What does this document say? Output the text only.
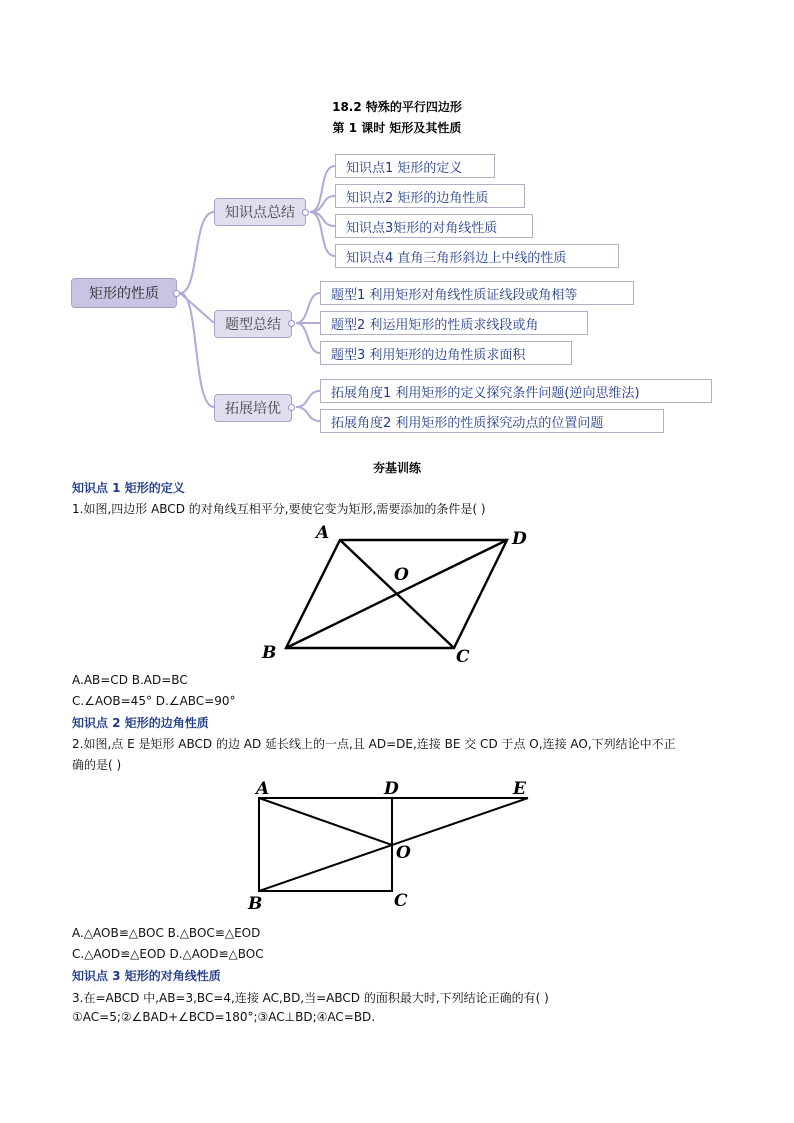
18.2 特殊的平行四边形
第 1 课时 矩形及其性质
矩形的性质
知识点总结
知识点1 矩形的定义
知识点2 矩形的边角性质
知识点3矩形的对角线性质
知识点4 直角三角形斜边上中线的性质
题型总结
题型1 利用矩形对角线性质证线段或角相等
题型2 利运用矩形的性质求线段或角
题型3 利用矩形的边角性质求面积
拓展培优
拓展角度1 利用矩形的定义探究条件问题(逆向思维法)
拓展角度2 利用矩形的性质探究动点的位置问题
夯基训练
知识点 1 矩形的定义
1.如图,四边形 ABCD 的对角线互相平分,要使它变为矩形,需要添加的条件是( )
A	D
O
B	C
A.AB=CD B.AD=BC
C.∠AOB=45° D.∠ABC=90°
知识点 2 矩形的边角性质
2.如图,点 E 是矩形 ABCD 的边 AD 延长线上的一点,且 AD=DE,连接 BE 交 CD 于点 O,连接 AO,下列结论中不正
确的是( )
A	D	E
O
B	C
A.△AOB≌△BOC B.△BOC≌△EOD
C.△AOD≌△EOD D.△AOD≌△BOC
知识点 3 矩形的对角线性质
3.在=ABCD 中,AB=3,BC=4,连接 AC,BD,当=ABCD 的面积最大时,下列结论正确的有( )
①AC=5;②∠BAD+∠BCD=180°;③AC⊥BD;④AC=BD.
